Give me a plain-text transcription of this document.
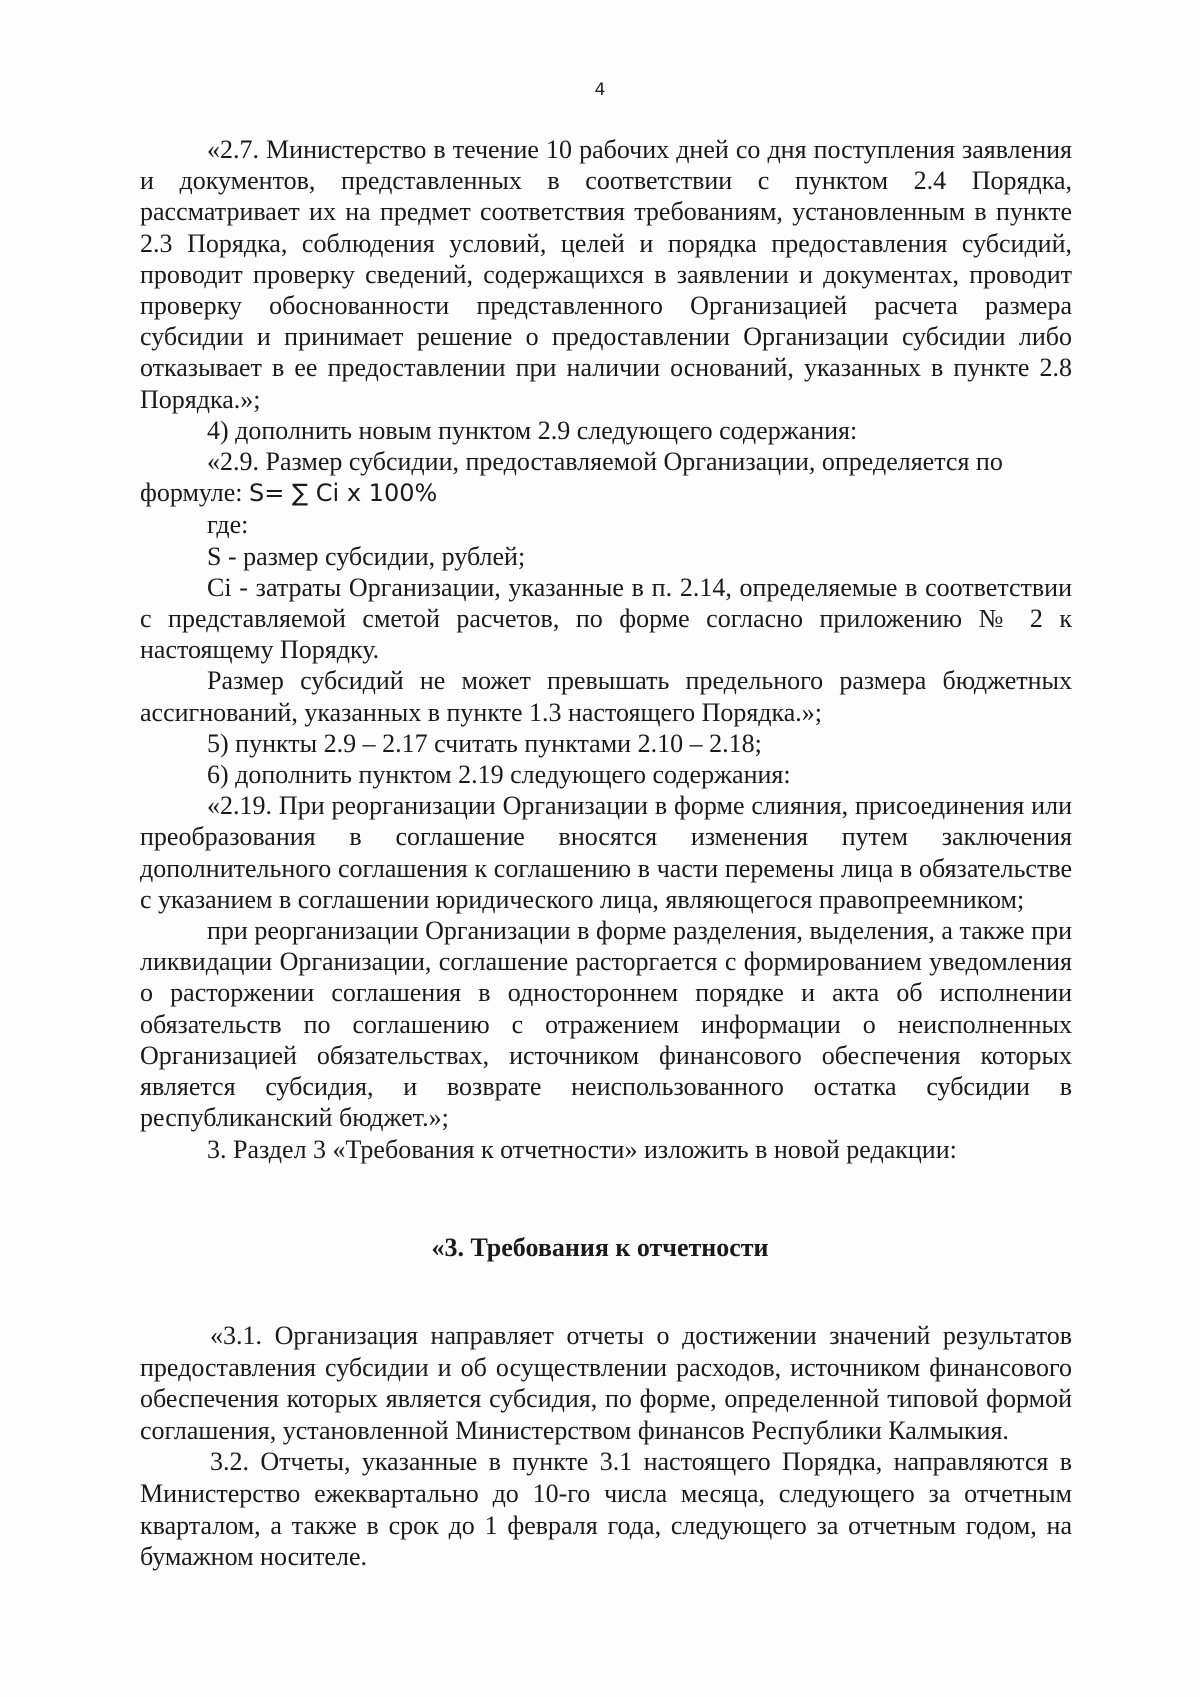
4

«2.7. Министерство в течение 10 рабочих дней со дня поступления заявления и документов, представленных в соответствии с пунктом 2.4 Порядка, рассматривает их на предмет соответствия требованиям, установленным в пункте 2.3 Порядка, соблюдения условий, целей и порядка предоставления субсидий, проводит проверку сведений, содержащихся в заявлении и документах, проводит проверку обоснованности представленного Организацией расчета размера субсидии и принимает решение о предоставлении Организации субсидии либо отказывает в ее предоставлении при наличии оснований, указанных в пункте 2.8 Порядка.»;

4) дополнить новым пунктом 2.9 следующего содержания:

«2.9. Размер субсидии, предоставляемой Организации, определяется по

формуле: S= ∑ Ci x 100%

где:

S - размер субсидии, рублей;

Ci - затраты Организации, указанные в п. 2.14, определяемые в соответствии с представляемой сметой расчетов, по форме согласно приложению № 2 к настоящему Порядку.

Размер субсидий не может превышать предельного размера бюджетных ассигнований, указанных в пункте 1.3 настоящего Порядка.»;

5) пункты 2.9 – 2.17 считать пунктами 2.10 – 2.18;

6) дополнить пунктом 2.19 следующего содержания:

«2.19. При реорганизации Организации в форме слияния, присоединения или преобразования в соглашение вносятся изменения путем заключения дополнительного соглашения к соглашению в части перемены лица в обязательстве с указанием в соглашении юридического лица, являющегося правопреемником;

при реорганизации Организации в форме разделения, выделения, а также при ликвидации Организации, соглашение расторгается с формированием уведомления о расторжении соглашения в одностороннем порядке и акта об исполнении обязательств по соглашению с отражением информации о неисполненных Организацией обязательствах, источником финансового обеспечения которых является субсидия, и возврате неиспользованного остатка субсидии в республиканский бюджет.»;

3. Раздел 3 «Требования к отчетности» изложить в новой редакции:

«3. Требования к отчетности

«3.1. Организация направляет отчеты о достижении значений результатов предоставления субсидии и об осуществлении расходов, источником финансового обеспечения которых является субсидия, по форме, определенной типовой формой соглашения, установленной Министерством финансов Республики Калмыкия.

3.2. Отчеты, указанные в пункте 3.1 настоящего Порядка, направляются в Министерство ежеквартально до 10-го числа месяца, следующего за отчетным кварталом, а также в срок до 1 февраля года, следующего за отчетным годом, на бумажном носителе.
